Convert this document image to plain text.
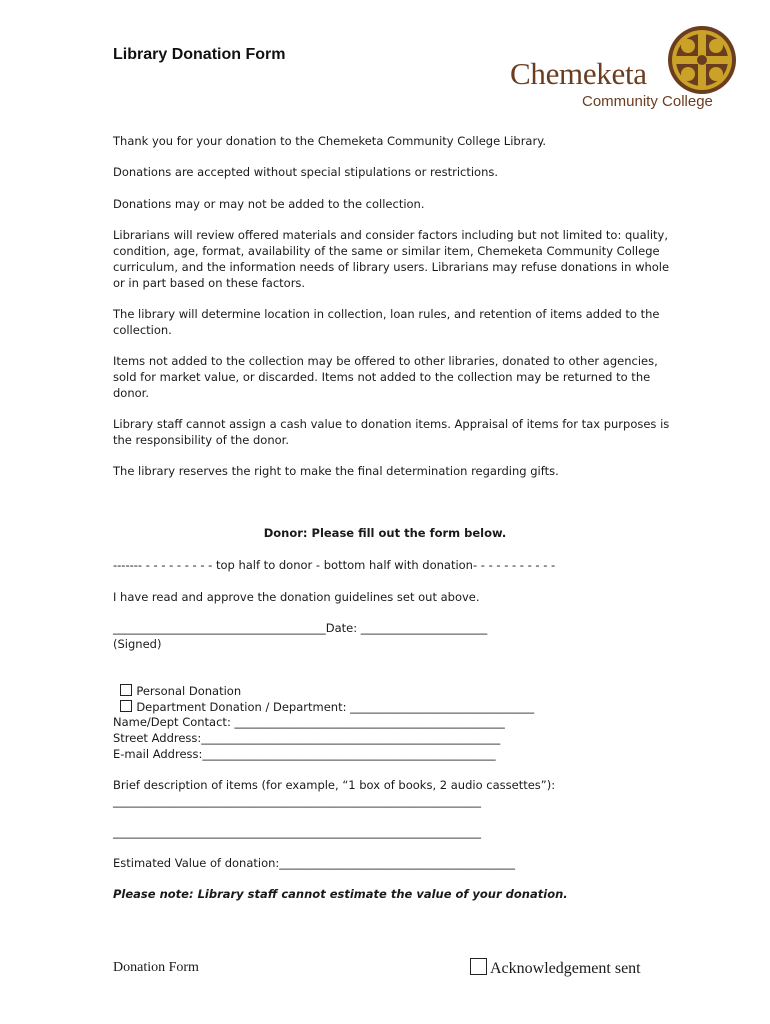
Library Donation Form
Chemeketa
Community College

Thank you for your donation to the Chemeketa Community College Library.

Donations are accepted without special stipulations or restrictions.

Donations may or may not be added to the collection.

Librarians will review offered materials and consider factors including but not limited to: quality, condition, age, format, availability of the same or similar item, Chemeketa Community College curriculum, and the information needs of library users. Librarians may refuse donations in whole or in part based on these factors.

The library will determine location in collection, loan rules, and retention of items added to the collection.

Items not added to the collection may be offered to other libraries, donated to other agencies, sold for market value, or discarded. Items not added to the collection may be returned to the donor.

Library staff cannot assign a cash value to donation items. Appraisal of items for tax purposes is the responsibility of the donor.

The library reserves the right to make the final determination regarding gifts.

Donor: Please fill out the form below.
------- - - - - - - - - - top half to donor - bottom half with donation- - - - - - - - - - -
I have read and approve the donation guidelines set out above.
_____________________________________Date: ______________________
(Signed)

Personal Donation

Department Donation / Department: ________________________________

Name/Dept Contact: _______________________________________________
Street Address:____________________________________________________
E-mail Address:___________________________________________________
Brief description of items (for example, “1 box of books, 2 audio cassettes”):
________________________________________________________________
________________________________________________________________
Estimated Value of donation:_________________________________________
Please note: Library staff cannot estimate the value of your donation.
Donation Form	Acknowledgement sent
